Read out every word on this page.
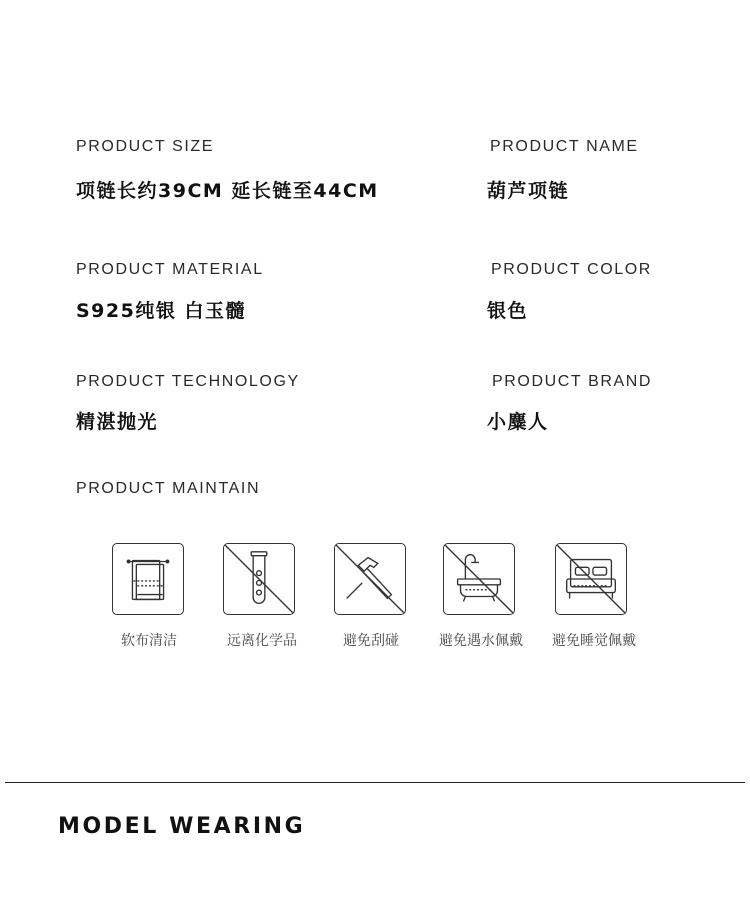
PRODUCT SIZE
项链长约39CM 延长链至44CM
PRODUCT NAME
葫芦项链
PRODUCT MATERIAL
S925纯银 白玉髓
PRODUCT COLOR
银色
PRODUCT TECHNOLOGY
精湛抛光
PRODUCT BRAND
小麋人
PRODUCT MAINTAIN
软布清洁	远离化学品	避免刮碰	避免遇水佩戴	避免睡觉佩戴
MODEL WEARING
